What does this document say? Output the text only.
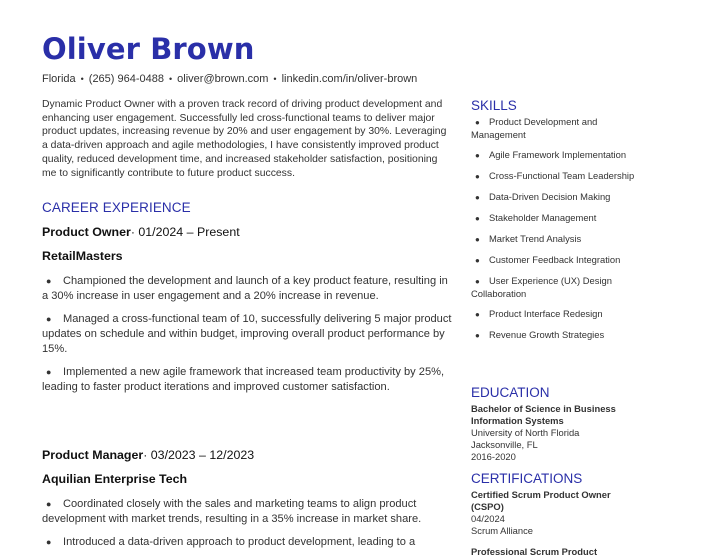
Oliver Brown
Florida • (265) 964-0488 • oliver@brown.com • linkedin.com/in/oliver-brown
Dynamic Product Owner with a proven track record of driving product development and enhancing user engagement. Successfully led cross-functional teams to deliver major product updates, increasing revenue by 20% and user engagement by 30%. Leveraging a data-driven approach and agile methodologies, I have consistently improved product quality, reduced development time, and increased stakeholder satisfaction, positioning me to significantly contribute to future product success.
CAREER EXPERIENCE
Product Owner· 01/2024 – Present
RetailMasters
● Championed the development and launch of a key product feature, resulting in a 30% increase in user engagement and a 20% increase in revenue.
● Managed a cross-functional team of 10, successfully delivering 5 major product updates on schedule and within budget, improving overall product performance by 15%.
● Implemented a new agile framework that increased team productivity by 25%, leading to faster product iterations and improved customer satisfaction.
Product Manager· 03/2023 – 12/2023
Aquilian Enterprise Tech
● Coordinated closely with the sales and marketing teams to align product development with market trends, resulting in a 35% increase in market share.
● Introduced a data-driven approach to product development, leading to a
SKILLS
● Product Development and Management
● Agile Framework Implementation
● Cross-Functional Team Leadership
● Data-Driven Decision Making
● Stakeholder Management
● Market Trend Analysis
● Customer Feedback Integration
● User Experience (UX) Design Collaboration
● Product Interface Redesign
● Revenue Growth Strategies
EDUCATION
Bachelor of Science in Business Information Systems
University of North Florida
Jacksonville, FL
2016-2020
CERTIFICATIONS
Certified Scrum Product Owner (CSPO)
04/2024
Scrum Alliance
Professional Scrum Product
